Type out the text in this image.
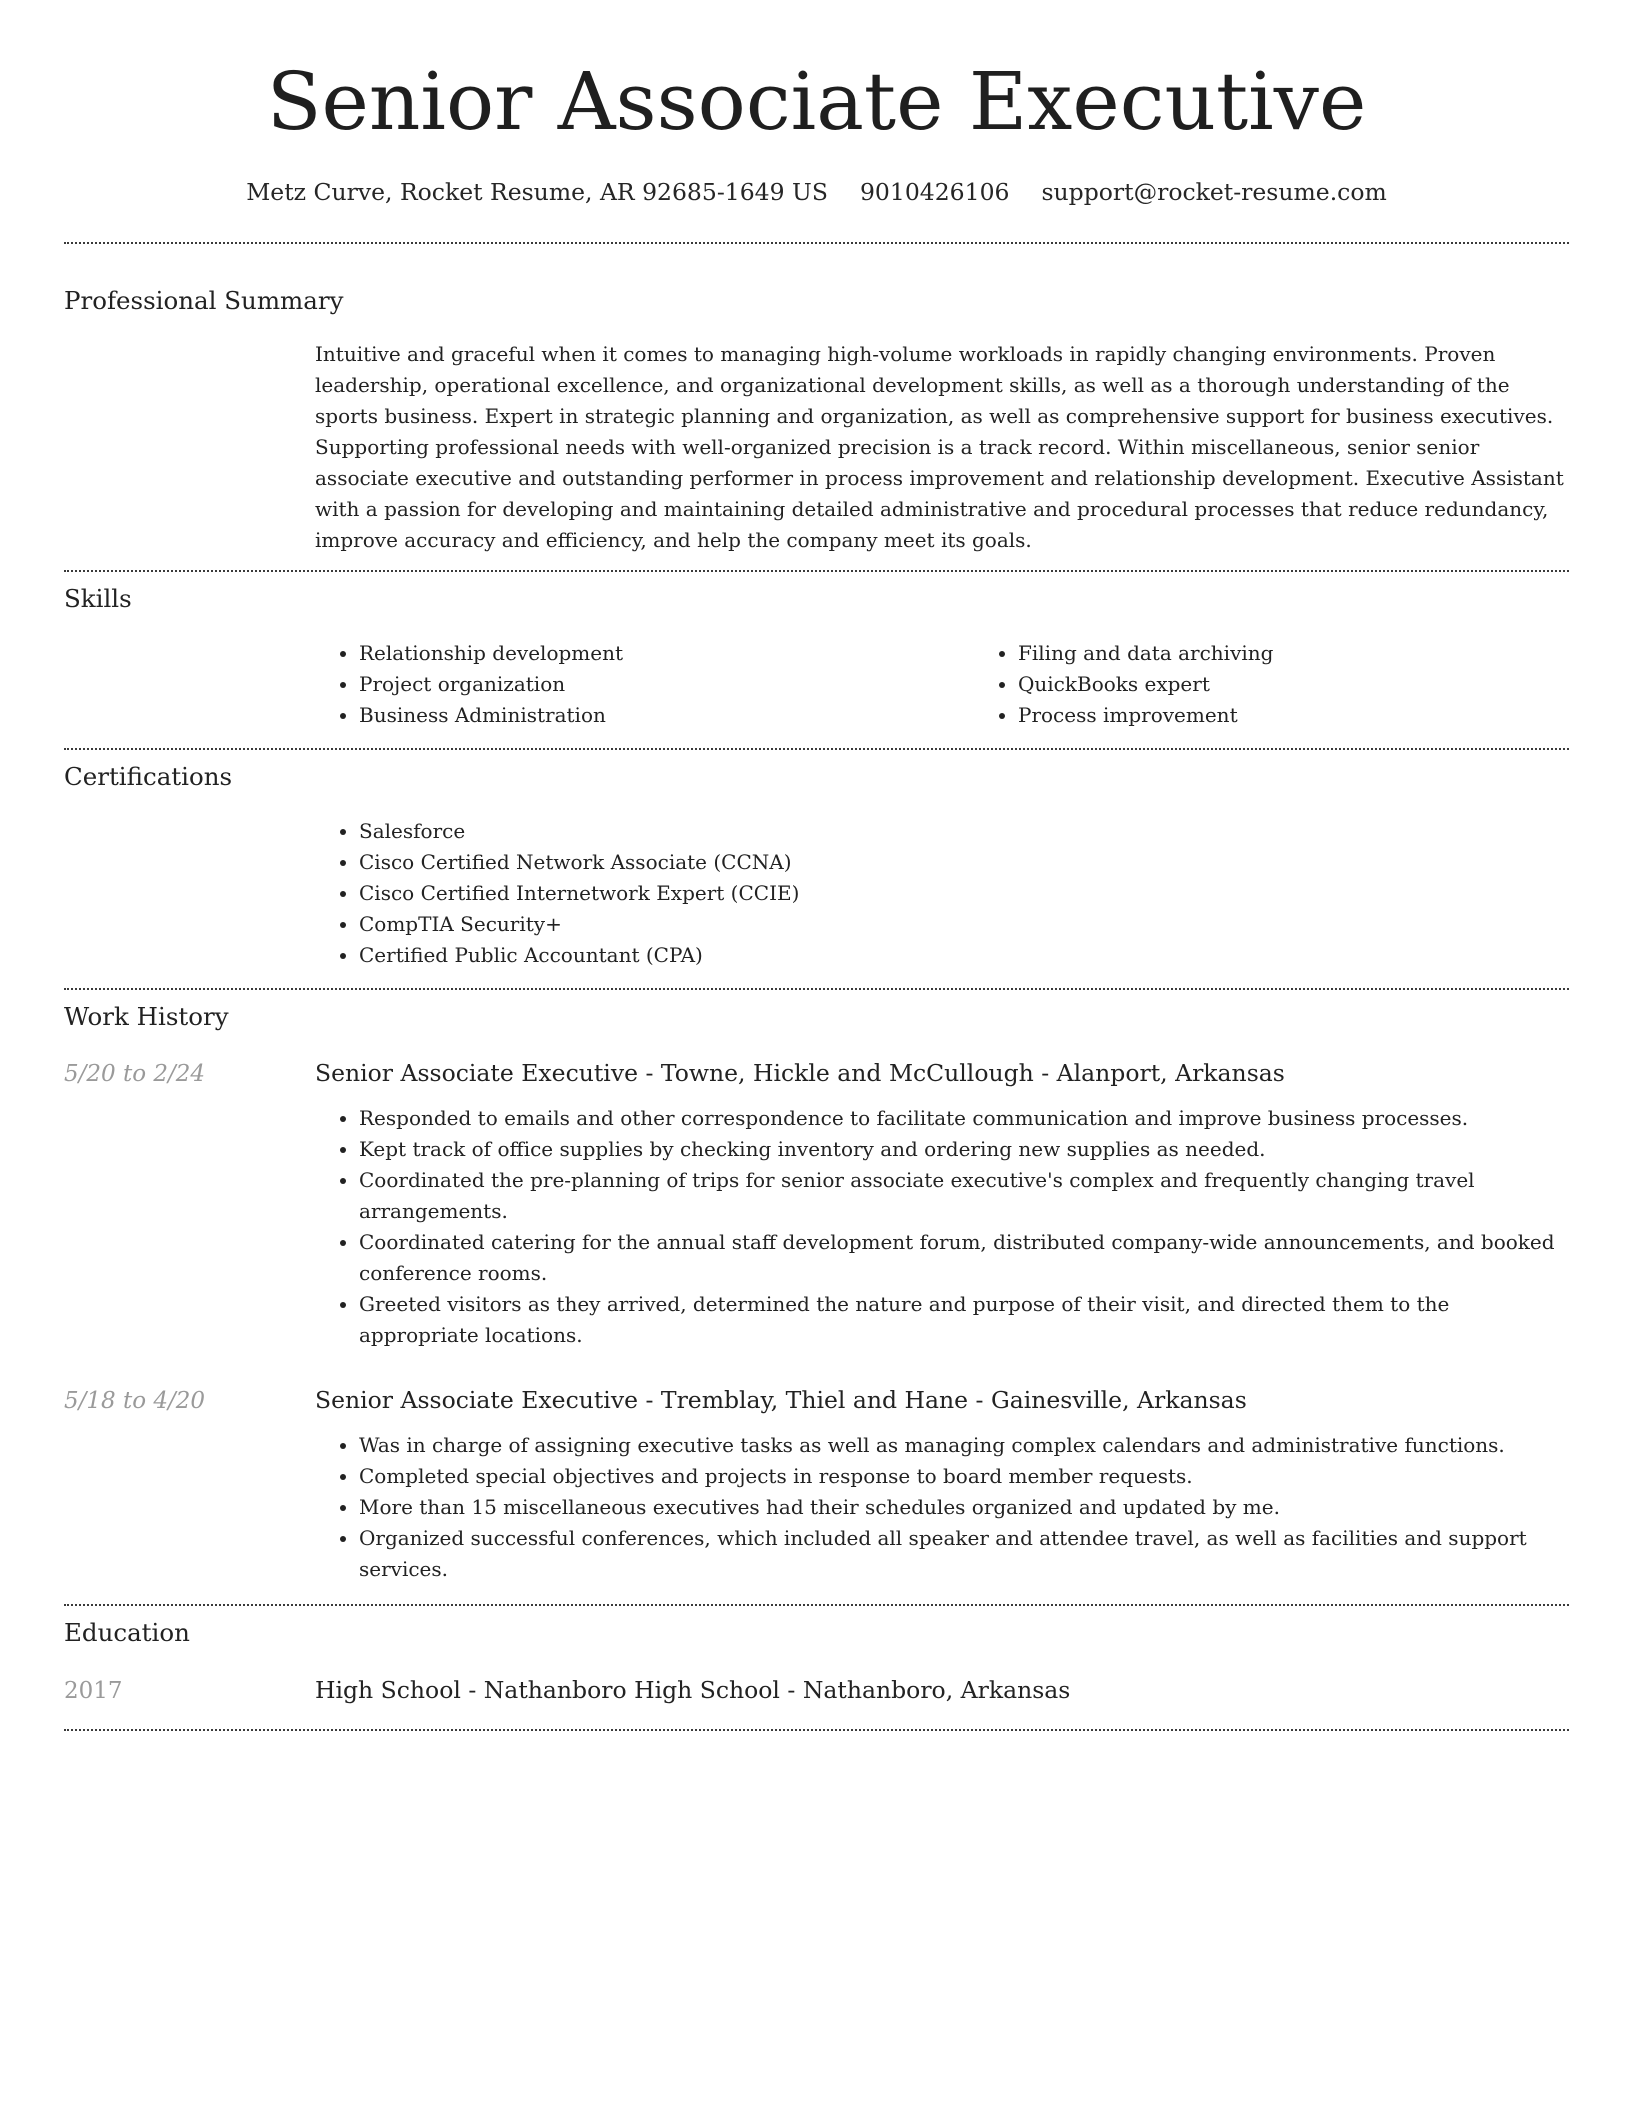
Senior Associate Executive
Metz Curve, Rocket Resume, AR 92685-1649 US 9010426106 support@rocket-resume.com
Professional Summary

Intuitive and graceful when it comes to managing high-volume workloads in rapidly changing environments. Proven leadership, operational excellence, and organizational development skills, as well as a thorough understanding of the sports business. Expert in strategic planning and organization, as well as comprehensive support for business executives. Supporting professional needs with well-organized precision is a track record. Within miscellaneous, senior senior associate executive and outstanding performer in process improvement and relationship development. Executive Assistant with a passion for developing and maintaining detailed administrative and procedural processes that reduce redundancy, improve accuracy and efficiency, and help the company meet its goals.

Skills
• Relationship development
• Project organization
• Business Administration
• Filing and data archiving
• QuickBooks expert
• Process improvement
Certifications
• Salesforce
• Cisco Certified Network Associate (CCNA)
• Cisco Certified Internetwork Expert (CCIE)
• CompTIA Security+
• Certified Public Accountant (CPA)
Work History
5/20 to 2/24	Senior Associate Executive - Towne, Hickle and McCullough - Alanport, Arkansas
• Responded to emails and other correspondence to facilitate communication and improve business processes.
• Kept track of office supplies by checking inventory and ordering new supplies as needed.
• Coordinated the pre-planning of trips for senior associate executive's complex and frequently changing travel arrangements.
• Coordinated catering for the annual staff development forum, distributed company-wide announcements, and booked conference rooms.
• Greeted visitors as they arrived, determined the nature and purpose of their visit, and directed them to the appropriate locations.
5/18 to 4/20	Senior Associate Executive - Tremblay, Thiel and Hane - Gainesville, Arkansas
• Was in charge of assigning executive tasks as well as managing complex calendars and administrative functions.
• Completed special objectives and projects in response to board member requests.
• More than 15 miscellaneous executives had their schedules organized and updated by me.
• Organized successful conferences, which included all speaker and attendee travel, as well as facilities and support services.
Education
2017	High School - Nathanboro High School - Nathanboro, Arkansas
